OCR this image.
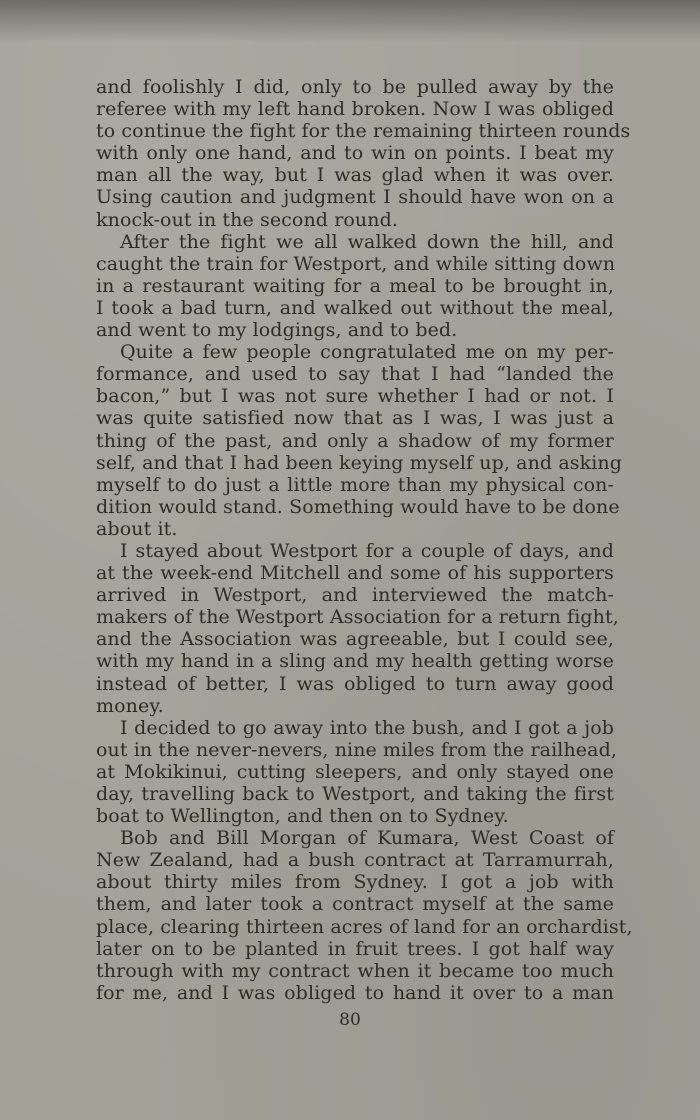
and foolishly I did, only to be pulled away by the
referee with my left hand broken. Now I was obliged
to continue the fight for the remaining thirteen rounds
with only one hand, and to win on points. I beat my
man all the way, but I was glad when it was over.
Using caution and judgment I should have won on a
knock-out in the second round.
After the fight we all walked down the hill, and
caught the train for Westport, and while sitting down
in a restaurant waiting for a meal to be brought in,
I took a bad turn, and walked out without the meal,
and went to my lodgings, and to bed.
Quite a few people congratulated me on my per-
formance, and used to say that I had “landed the
bacon,” but I was not sure whether I had or not. I
was quite satisfied now that as I was, I was just a
thing of the past, and only a shadow of my former
self, and that I had been keying myself up, and asking
myself to do just a little more than my physical con-
dition would stand. Something would have to be done
about it.
I stayed about Westport for a couple of days, and
at the week-end Mitchell and some of his supporters
arrived in Westport, and interviewed the match-
makers of the Westport Association for a return fight,
and the Association was agreeable, but I could see,
with my hand in a sling and my health getting worse
instead of better, I was obliged to turn away good
money.
I decided to go away into the bush, and I got a job
out in the never-nevers, nine miles from the railhead,
at Mokikinui, cutting sleepers, and only stayed one
day, travelling back to Westport, and taking the first
boat to Wellington, and then on to Sydney.
Bob and Bill Morgan of Kumara, West Coast of
New Zealand, had a bush contract at Tarramurrah,
about thirty miles from Sydney. I got a job with
them, and later took a contract myself at the same
place, clearing thirteen acres of land for an orchardist,
later on to be planted in fruit trees. I got half way
through with my contract when it became too much
for me, and I was obliged to hand it over to a man
80
